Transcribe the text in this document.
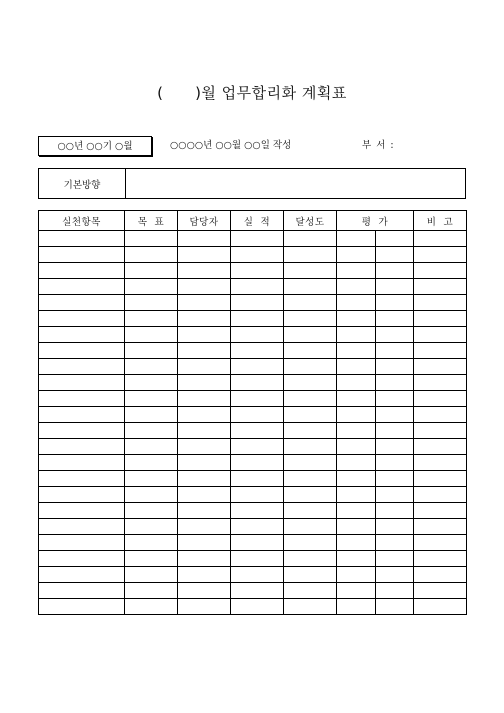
(      )월 업무합리화 계획표
○○년 ○○기 ○월	○○○○년 ○○월 ○○일 작성	부 서 :
기본방향
실천항목	목  표	담당자	실  적	달성도	평  가		비  고
